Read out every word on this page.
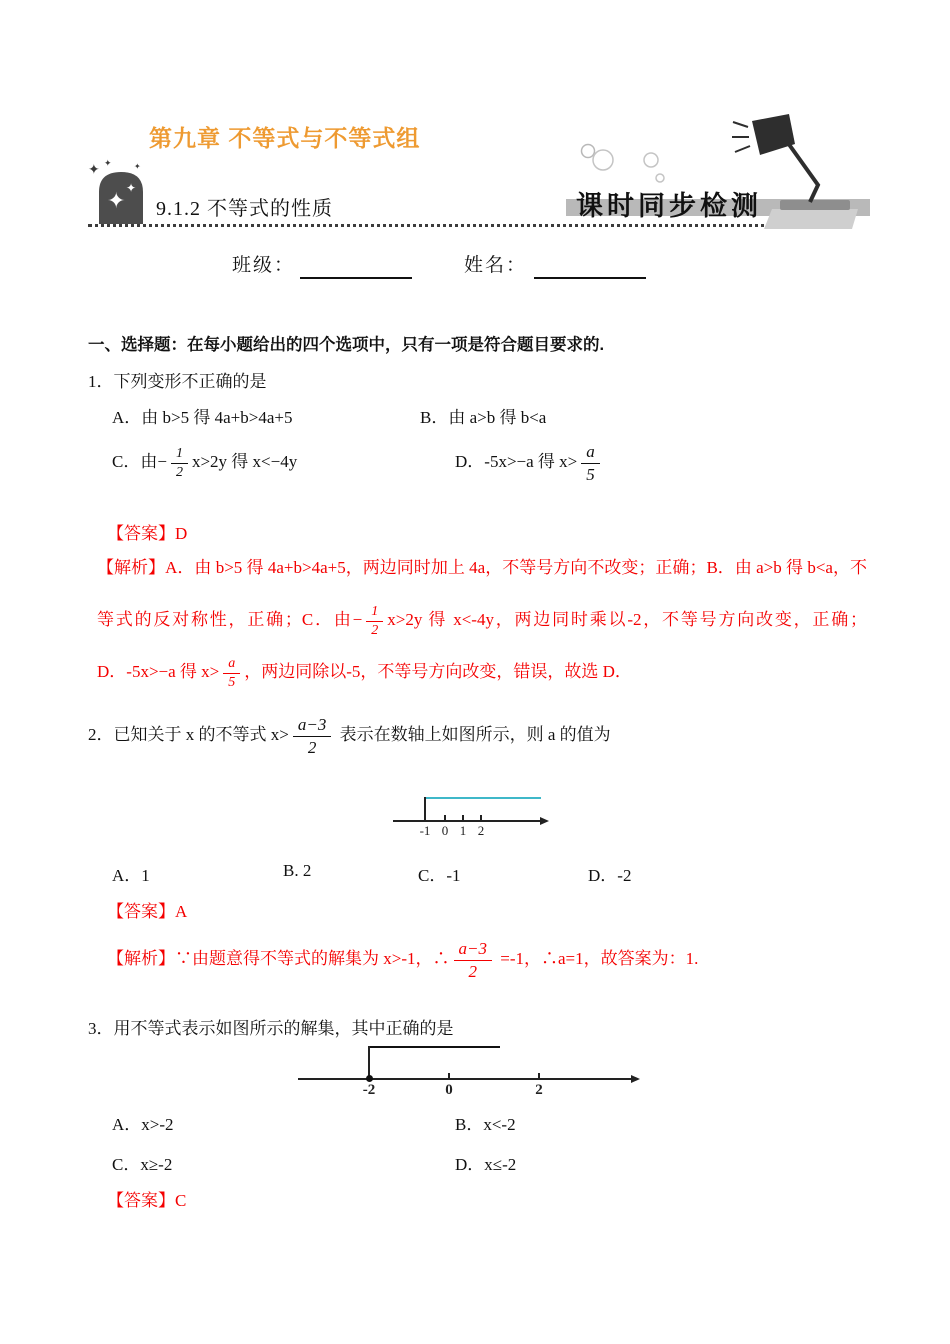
第九章 不等式与不等式组
✦ ✦
✦ ✦	✦
9.1.2 不等式的性质	课时同步检测
班级：	姓名：
一、选择题：在每小题给出的四个选项中，只有一项是符合题目要求的.
1．下列变形不正确的是
A．由 b>5 得 4a+b>4a+5	B．由 a>b 得 b<a
C．由− $\frac{1}{2} x>2y$ 得 x<−4y	D．-5x>−a 得 $x> \frac{a}{5}$
【答案】D
【解析】A．由 b>5 得 4a+b>4a+5，两边同时加上 4a，不等号方向不改变；正确；B．由 a>b 得 b<a，不等式的反对称性，正确；C．由− $\frac{1}{2} x>2y$ 得 x<-4y，两边同时乘以-2，不等号方向改变，正确；D．-5x>−a 得 $x> \frac{a}{5}$ ，两边同除以-5，不等号方向改变，错误，故选 D．
2．已知关于 x 的不等式 $x> \frac{a-3}{2}$ 表示在数轴上如图所示，则 a 的值为
-1 0 1 2
A．1	B. 2	C．-1	D．-2
【答案】A
【解析】∵由题意得不等式的解集为 x>-1，∴ $\frac{a-3}{2} =-1$，∴a=1，故答案为：1.
3．用不等式表示如图所示的解集，其中正确的是
-2	0	2
A．x>-2	B．x<-2
C．x≥-2	D．x≤-2
【答案】C
